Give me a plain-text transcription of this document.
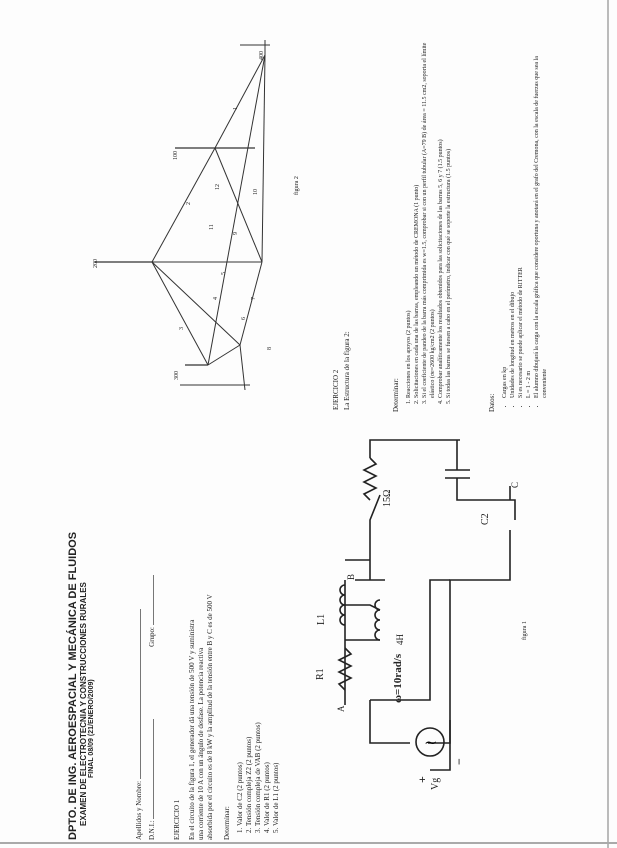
DPTO. DE ING. AEROESPACIAL Y MECÁNICA DE FLUIDOS EXAMEN DE ELECTROTECNIA Y CONSTRUCCIONES RURALES FINAL 08/09 (21/ENERO/2009)
Apellidos y Nombre: D.N.I.:  Grupo:
EJERCICIO 1 En el circuito de la figura 1, el generador dá una tensión de 500 V y suministra una corriente de 10 A con un ángulo de desfase. La potencia reactiva absorbida por el circuito es de 8 kW y la amplitud de la tensión entre B y C es de 500 V Determinar: 1. Valor de C2 (2 puntos) 2. Tensión compleja Z2 (2 puntos) 3. Tensión compleja de VAB (2 puntos) 4. Valor de R1 (2 puntos) 5. Valor de L1 (2 puntos)
~
ω=10rad/s
+
−
Vg
R1
L1
4H
15Ω
C2
A
B
C
figura 1
100
200
300
400
1
2
3
4
5
6
7
8
9
10
11
12	figura 2
EJERCICIO 2 La Estructura de la figura 2:	Determinar: 1. Reacciones en los apoyos (2 puntos) 2. Solicitaciones en cada una de las barras, empleando un método de CREMONA (1 punto) 3. Si el coeficiente de pandeo de la barra más comprimida es w=1.5, comprobar si con un perfil tubular (A=79 B) de área = 11.5 cm2, soporta el límite elástico (σe=2600 kg/cm2 (2 puntos) 4. Comprobar analíticamente los resultados obtenidos para las solicitaciones de las barras 5, 6 y 7 (1.5 puntos) 5. Si todas las barras se fuesen a cabo en el perímetro, indicar con qué se soporte la estructura (1.5 puntos)
Datos:
• Cargas en kp • Unidades de longitud en metros en el dibujo • Si es necesario se puede aplicar el método de RITTER • L = 1 - 2 m • El alumno dibujará la carga con la escala gráfica que considere oportuna y anotará en el grafo del Cremona, con la escala de fuerzas que sea la conveniente
